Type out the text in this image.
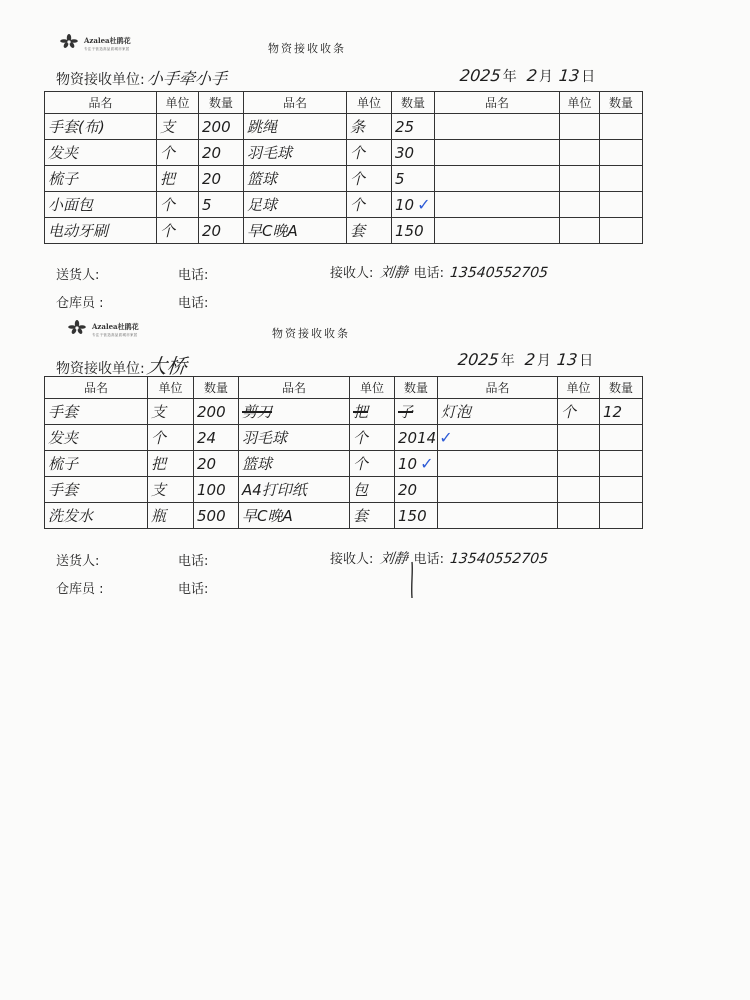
Azalea杜鹃花
专注于营造高品质城市家居	物资接收收条
物资接收单位: 小手牵小手	2025 年 2 月 13 日
品名	单位	数量	品名	单位	数量	品名	单位	数量
手套(布)	支	200	跳绳	条	25			
发夹	个	20	羽毛球	个	30			
梳子	把	20	篮球	个	5			
小面包	个	5	足球	个	10 ✓			
电动牙刷	个	20	早C晚A	套	150			
送货人:	电话:	接收人: 刘静 电话: 13540552705
仓库员 :	电话:
Azalea杜鹃花
专注于营造高品质城市家居	物资接收收条
物资接收单位: 大桥	2025 年 2 月 13 日
品名	单位	数量	品名	单位	数量	品名	单位	数量
手套	支	200	剪刀	把	子	灯泡	个	12
发夹	个	24	羽毛球	个	2014 ✓			
梳子	把	20	篮球	个	10 ✓			
手套	支	100	A4打印纸	包	20			
洗发水	瓶	500	早C晚A	套	150			
送货人:	电话:	接收人: 刘静 电话: 13540552705
仓库员 :	电话:
